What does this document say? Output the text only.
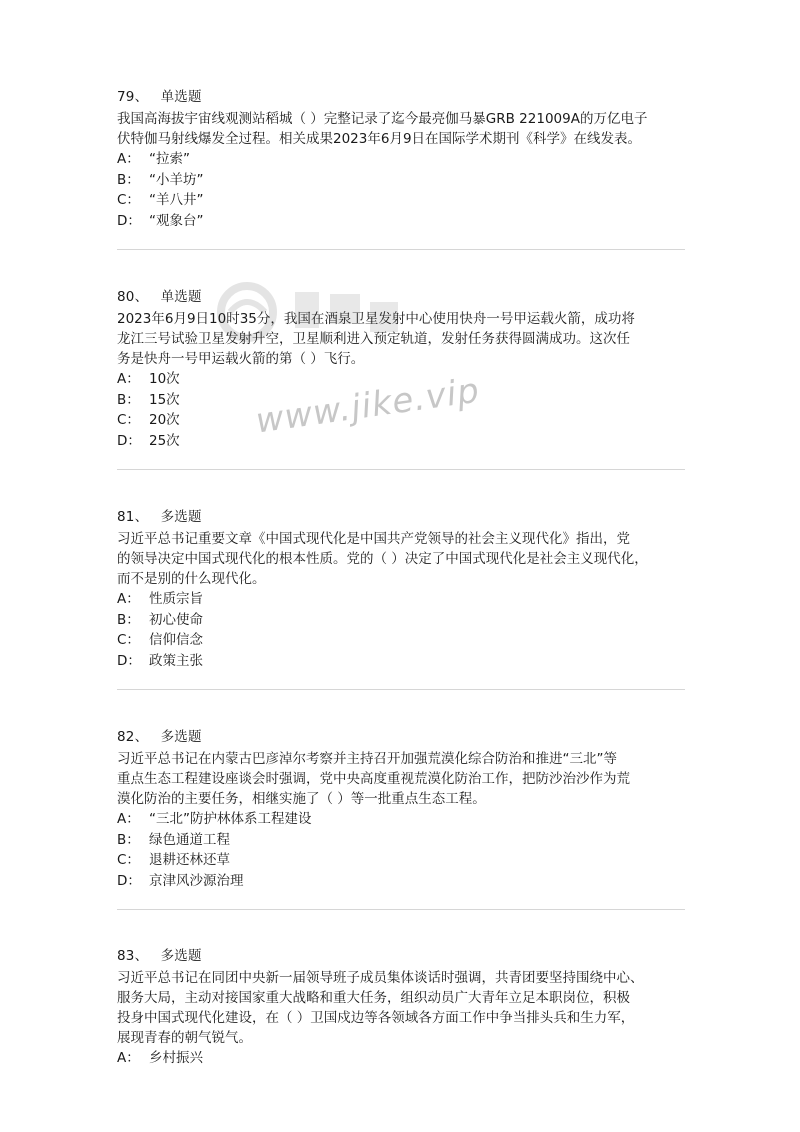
www.jike.vip
79、 单选题
我国高海拔宇宙线观测站稻城（ ）完整记录了迄今最亮伽马暴GRB 221009A的万亿电子
伏特伽马射线爆发全过程。相关成果2023年6月9日在国际学术期刊《科学》在线发表。
A： “拉索”
B： “小羊坊”
C： “羊八井”
D： “观象台”
80、 单选题
2023年6月9日10时35分，我国在酒泉卫星发射中心使用快舟一号甲运载火箭，成功将
龙江三号试验卫星发射升空，卫星顺利进入预定轨道，发射任务获得圆满成功。这次任
务是快舟一号甲运载火箭的第（ ）飞行。
A： 10次
B： 15次
C： 20次
D： 25次
81、 多选题
习近平总书记重要文章《中国式现代化是中国共产党领导的社会主义现代化》指出，党
的领导决定中国式现代化的根本性质。党的（ ）决定了中国式现代化是社会主义现代化，
而不是别的什么现代化。
A： 性质宗旨
B： 初心使命
C： 信仰信念
D： 政策主张
82、 多选题
习近平总书记在内蒙古巴彦淖尔考察并主持召开加强荒漠化综合防治和推进“三北”等
重点生态工程建设座谈会时强调，党中央高度重视荒漠化防治工作，把防沙治沙作为荒
漠化防治的主要任务，相继实施了（ ）等一批重点生态工程。
A： “三北”防护林体系工程建设
B： 绿色通道工程
C： 退耕还林还草
D： 京津风沙源治理
83、 多选题
习近平总书记在同团中央新一届领导班子成员集体谈话时强调，共青团要坚持围绕中心、
服务大局，主动对接国家重大战略和重大任务，组织动员广大青年立足本职岗位，积极
投身中国式现代化建设，在（ ）卫国戍边等各领域各方面工作中争当排头兵和生力军，
展现青春的朝气锐气。
A： 乡村振兴
